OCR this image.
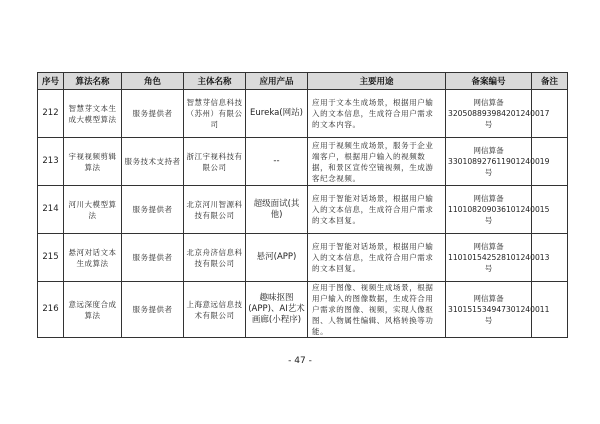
序号	算法名称	角色	主体名称	应用产品	主要用途	备案编号	备注
212	智慧芽文本生成大模型算法	服务提供者	智慧芽信息科技（苏州）有限公司	Eureka(网站)	应用于文本生成场景，根据用户输入的文本信息，生成符合用户需求的文本内容。	网信算备320508893984201240017号	
213	宇视视频剪辑算法	服务技术支持者	浙江宇视科技有限公司	--	应用于视频生成场景，服务于企业端客户，根据用户输入的视频数据，和景区宣传空镜视频，生成游客纪念视频。	网信算备330108927611901240019号	
214	河川大模型算法	服务提供者	北京河川智源科技有限公司	超级面试(其他)	应用于智能对话场景，根据用户输入的文本信息，生成符合用户需求的文本回复。	网信算备110108209036101240015号	
215	悬河对话文本生成算法	服务提供者	北京舟济信息科技有限公司	悬河(APP)	应用于智能对话场景，根据用户输入的文本信息，生成符合用户需求的文本回复。	网信算备110101542528101240013号	
216	意远深度合成算法	服务提供者	上海意远信息技术有限公司	趣味抠图(APP)、AI艺术画廊(小程序)	应用于图像、视频生成场景，根据用户输入的图像数据，生成符合用户需求的图像、视频，实现人像抠图、人物属性编辑、风格转换等功能。	网信算备310151534947301240011号	
- 47 -
